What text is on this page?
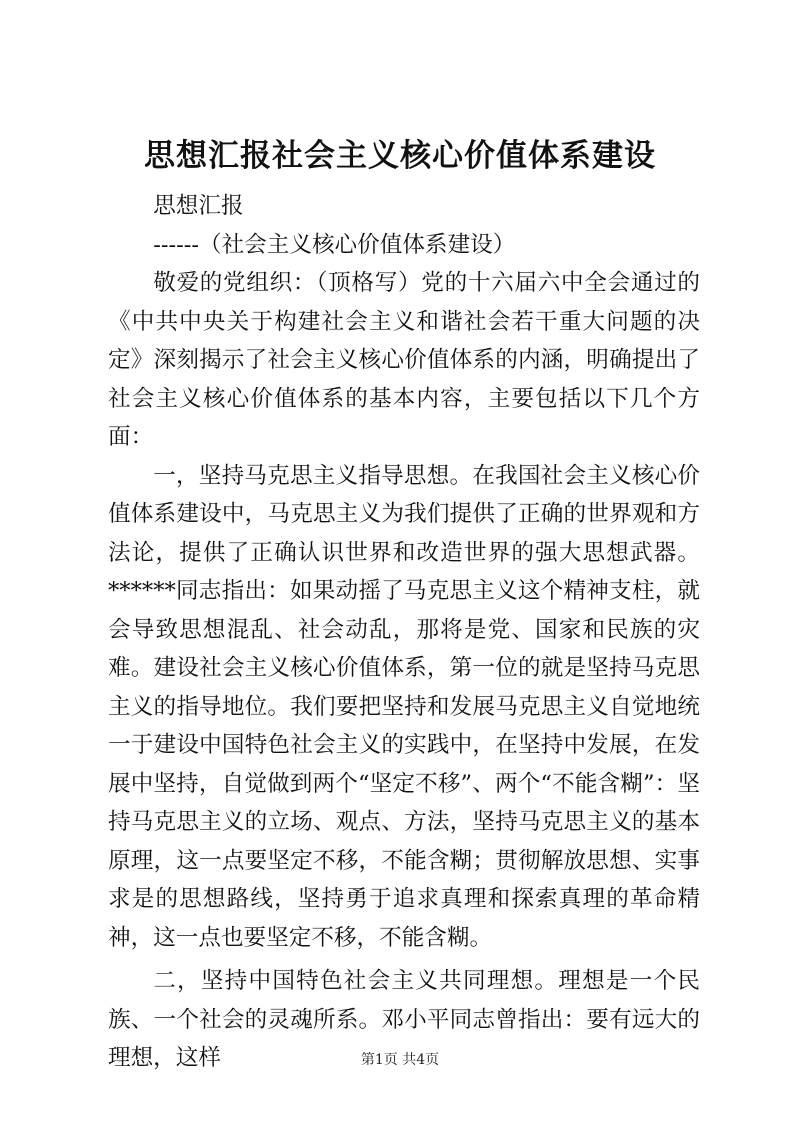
思想汇报社会主义核心价值体系建设

思想汇报

------（社会主义核心价值体系建设）

敬爱的党组织：（顶格写）党的十六届六中全会通过的《中共中央关于构建社会主义和谐社会若干重大问题的决定》深刻揭示了社会主义核心价值体系的内涵，明确提出了社会主义核心价值体系的基本内容，主要包括以下几个方面：

一，坚持马克思主义指导思想。在我国社会主义核心价值体系建设中，马克思主义为我们提供了正确的世界观和方法论，提供了正确认识世界和改造世界的强大思想武器。******同志指出：如果动摇了马克思主义这个精神支柱，就会导致思想混乱、社会动乱，那将是党、国家和民族的灾难。建设社会主义核心价值体系，第一位的就是坚持马克思主义的指导地位。我们要把坚持和发展马克思主义自觉地统一于建设中国特色社会主义的实践中，在坚持中发展，在发展中坚持，自觉做到两个“坚定不移”、两个“不能含糊”：坚持马克思主义的立场、观点、方法，坚持马克思主义的基本原理，这一点要坚定不移，不能含糊；贯彻解放思想、实事求是的思想路线，坚持勇于追求真理和探索真理的革命精神，这一点也要坚定不移，不能含糊。

二，坚持中国特色社会主义共同理想。理想是一个民族、一个社会的灵魂所系。邓小平同志曾指出：要有远大的理想，这样	第1页 共4页
